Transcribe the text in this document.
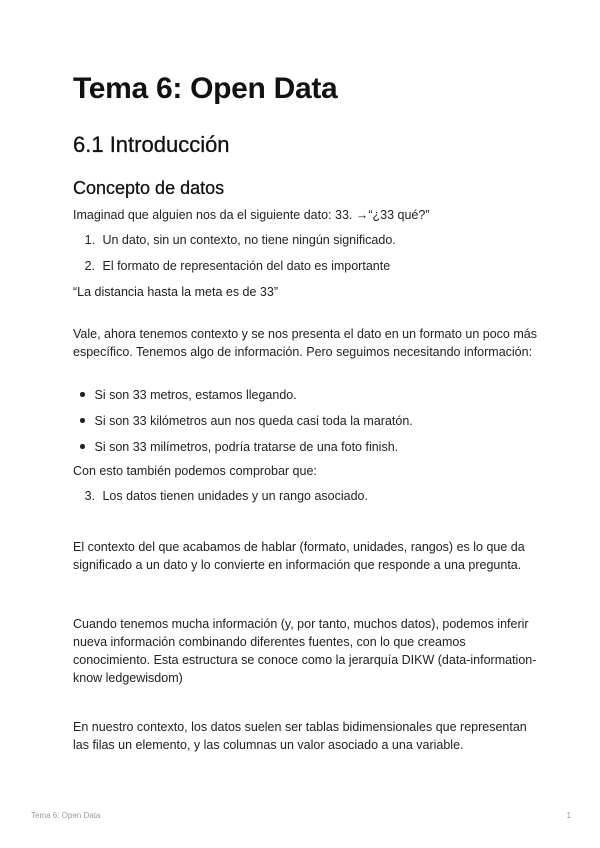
Tema 6: Open Data
6.1 Introducción
Concepto de datos

Imaginad que alguien nos da el siguiente dato: 33. →“¿33 qué?”

1. Un dato, sin un contexto, no tiene ningún significado.
2. El formato de representación del dato es importante

“La distancia hasta la meta es de 33”

Vale, ahora tenemos contexto y se nos presenta el dato en un formato un poco más específico. Tenemos algo de información. Pero seguimos necesitando información:

Si son 33 metros, estamos llegando.
Si son 33 kilómetros aun nos queda casi toda la maratón.
Si son 33 milímetros, podría tratarse de una foto finish.

Con esto también podemos comprobar que:

3. Los datos tienen unidades y un rango asociado.

El contexto del que acabamos de hablar (formato, unidades, rangos) es lo que da significado a un dato y lo convierte en información que responde a una pregunta.

Cuando tenemos mucha información (y, por tanto, muchos datos), podemos inferir nueva información combinando diferentes fuentes, con lo que creamos conocimiento. Esta estructura se conoce como la jerarquía DIKW (data-information-know ledgewisdom)

En nuestro contexto, los datos suelen ser tablas bidimensionales que representan las filas un elemento, y las columnas un valor asociado a una variable.

Tema 6: Open Data	1
